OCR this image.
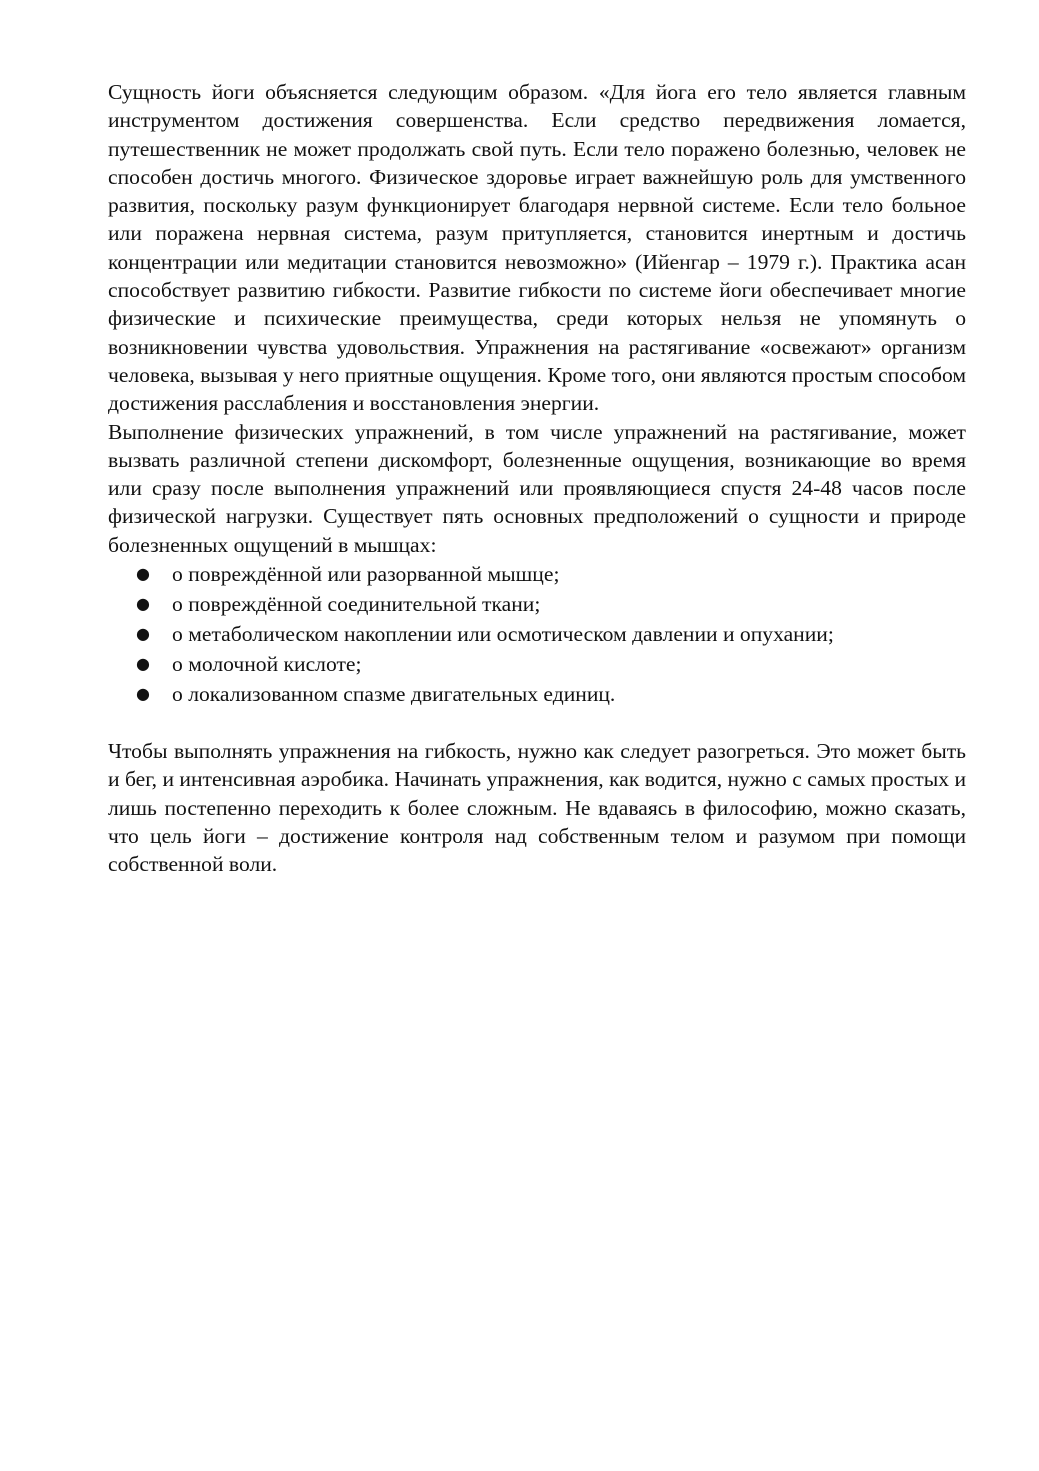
Сущность йоги объясняется следующим образом. «Для йога его тело является главным инструментом достижения совершенства. Если средство передвижения ломается, путешественник не может продолжать свой путь. Если тело поражено болезнью, человек не способен достичь многого. Физическое здоровье играет важнейшую роль для умственного развития, поскольку разум функционирует благодаря нервной системе. Если тело больное или поражена нервная система, разум притупляется, становится инертным и достичь концентрации или медитации становится невозможно» (Ийенгар – 1979 г.). Практика асан способствует развитию гибкости. Развитие гибкости по системе йоги обеспечивает многие физические и психические преимущества, среди которых нельзя не упомянуть о возникновении чувства удовольствия. Упражнения на растягивание «освежают» организм человека, вызывая у него приятные ощущения. Кроме того, они являются простым способом достижения расслабления и восстановления энергии.

Выполнение физических упражнений, в том числе упражнений на растягивание, может вызвать различной степени дискомфорт, болезненные ощущения, возникающие во время или сразу после выполнения упражнений или проявляющиеся спустя 24-48 часов после физической нагрузки. Существует пять основных предположений о сущности и природе болезненных ощущений в мышцах:

● о повреждённой или разорванной мышце;
● о повреждённой соединительной ткани;
● о метаболическом накоплении или осмотическом давлении и опухании;
● о молочной кислоте;
● о локализованном спазме двигательных единиц.

Чтобы выполнять упражнения на гибкость, нужно как следует разогреться. Это может быть и бег, и интенсивная аэробика. Начинать упражнения, как водится, нужно с самых простых и лишь постепенно переходить к более сложным. Не вдаваясь в философию, можно сказать, что цель йоги – достижение контроля над собственным телом и разумом при помощи собственной воли.
